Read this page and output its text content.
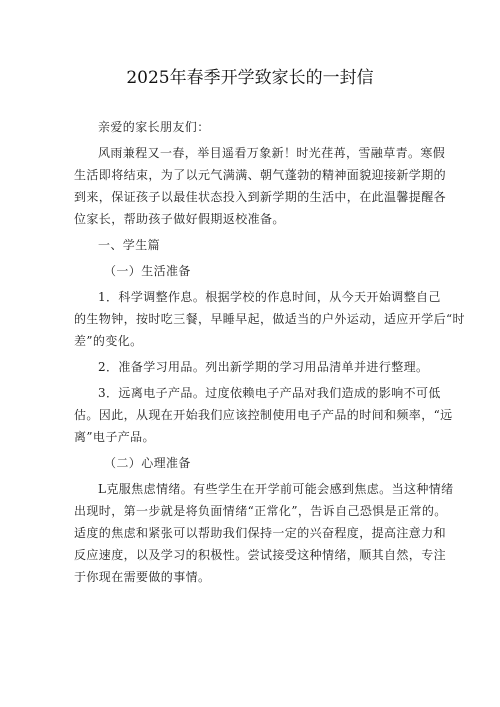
2025年春季开学致家长的一封信
亲爱的家长朋友们：
风雨兼程又一春，举目遥看万象新！时光荏苒，雪融草青。寒假
生活即将结束，为了以元气满满、朝气蓬勃的精神面貌迎接新学期的
到来，保证孩子以最佳状态投入到新学期的生活中，在此温馨提醒各
位家长，帮助孩子做好假期返校准备。
一、学生篇
（一）生活准备
1．科学调整作息。根据学校的作息时间，从今天开始调整自己
的生物钟，按时吃三餐，早睡早起，做适当的户外运动，适应开学后“时
差”的变化。
2．准备学习用品。列出新学期的学习用品清单并进行整理。
3．远离电子产品。过度依赖电子产品对我们造成的影响不可低
估。因此，从现在开始我们应该控制使用电子产品的时间和频率，“远
离”电子产品。
（二）心理准备
L克服焦虑情绪。有些学生在开学前可能会感到焦虑。当这种情绪
出现时，第一步就是将负面情绪“正常化”，告诉自己恐惧是正常的。
适度的焦虑和紧张可以帮助我们保持一定的兴奋程度，提高注意力和
反应速度，以及学习的积极性。尝试接受这种情绪，顺其自然，专注
于你现在需要做的事情。
